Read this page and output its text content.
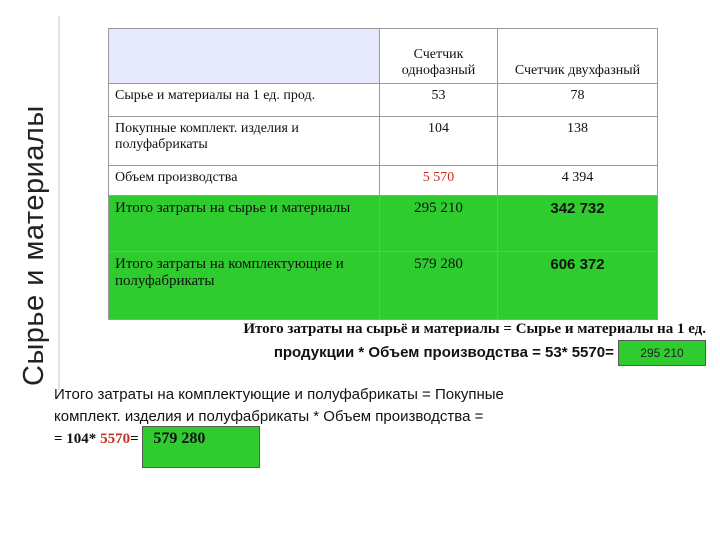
Сырье и материалы
	Счетчик однофазный	Счетчик двухфазный
Сырье и материалы на 1 ед. прод.	53	78
Покупные комплект. изделия и полуфабрикаты	104	138
Объем производства	5 570	4 394
Итого затраты на сырье и материалы	295 210	342 732
Итого затраты на комплектующие и полуфабрикаты	579 280	606 372
Итого затраты на сырьё и материалы = Сырье и материалы на 1 ед.
продукции * Объем производства = 53* 5570= 295 210
Итого затраты на комплектующие и полуфабрикаты = Покупные
комплект. изделия и полуфабрикаты * Объем производства =
= 104* 5570= 579 280
